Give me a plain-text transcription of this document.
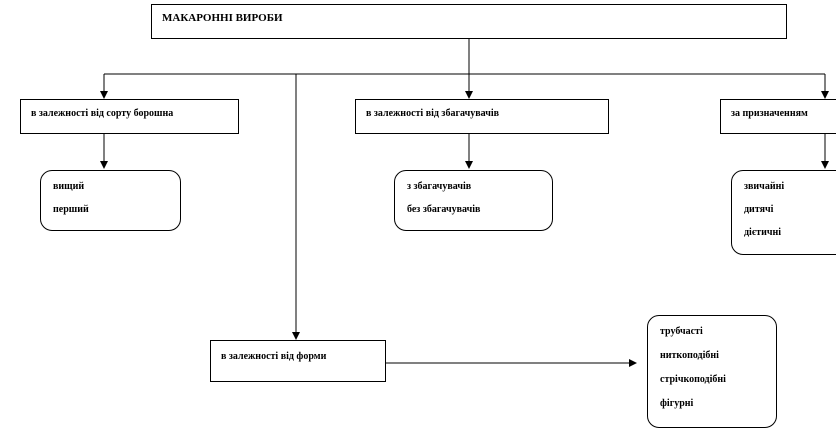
МАКАРОННІ ВИРОБИ
в залежності від сорту борошна	в залежності від збагачувачів	за призначенням
в залежності від форми
вищий
перший
з збагачувачів
без збагачувачів
звичайні
дитячі
дієтичні
трубчасті
ниткоподібні
стрічкоподібні
фігурні
